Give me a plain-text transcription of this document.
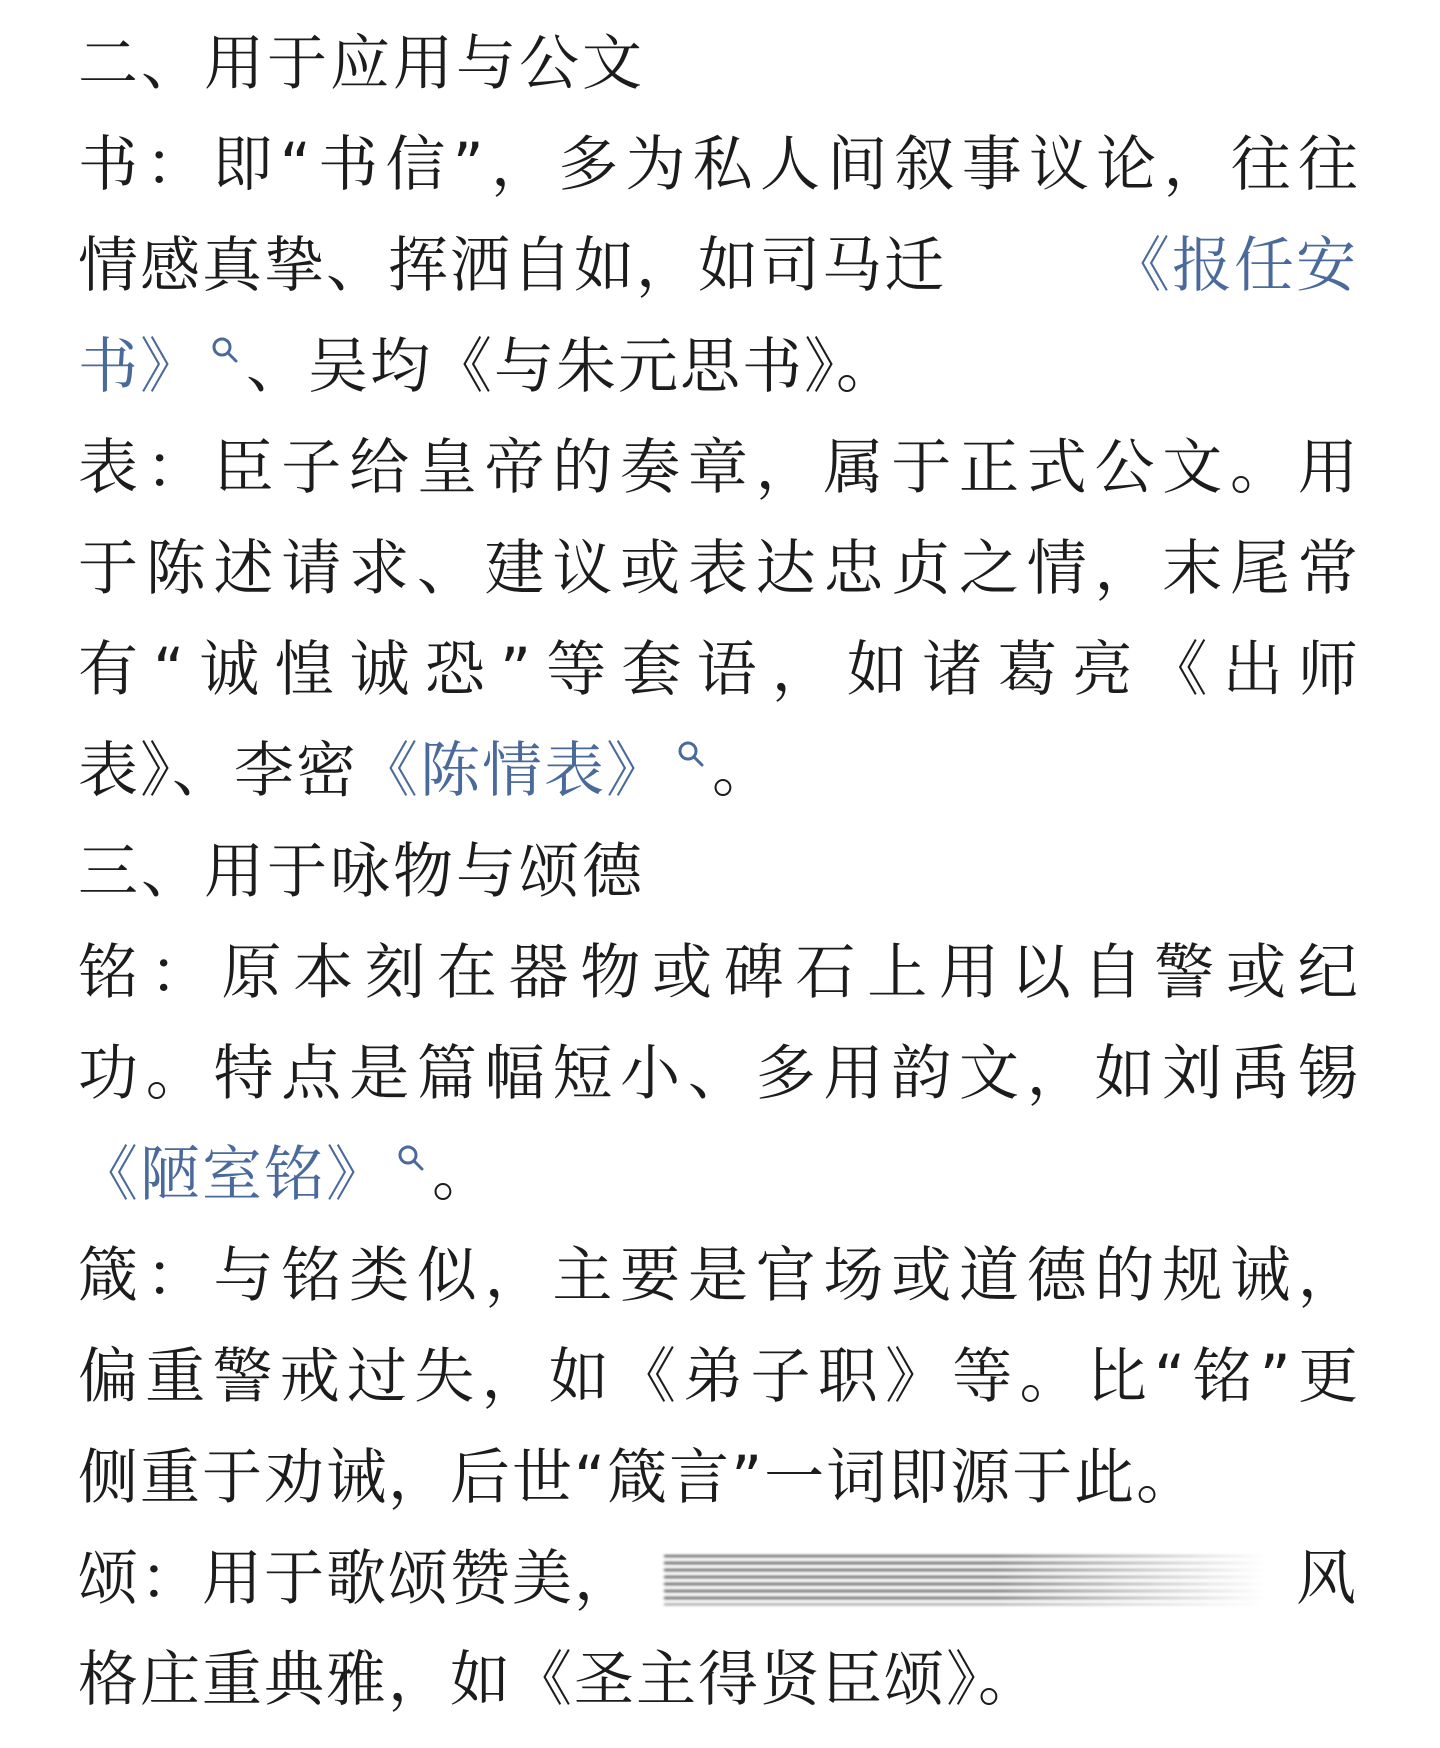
二、用于应用与公文
书 ： 即 “ 书 信 ” ， 多 为 私 人 间 叙 事 议 论 ， 往 往
情感真挚、挥洒自如，如司马迁	《报任安
书》 、吴均《与朱元思书》。
表 ： 臣 子 给 皇 帝 的 奏 章 ， 属 于 正 式 公 文 。 用
于 陈 述 请 求 、 建 议 或 表 达 忠 贞 之 情 ， 末 尾 常
有 “ 诚 惶 诚 恐 ” 等 套 语 ， 如 诸 葛 亮 《 出 师
表》、李密《陈情表》 。
三、用于咏物与颂德
铭 ： 原 本 刻 在 器 物 或 碑 石 上 用 以 自 警 或 纪
功 。 特 点 是 篇 幅 短 小 、 多 用 韵 文 ， 如 刘 禹 锡
《陋室铭》 。
箴 ： 与 铭 类 似 ， 主 要 是 官 场 或 道 德 的 规 诫 ，
偏 重 警 戒 过 失 ， 如 《 弟 子 职 》 等 。 比 “ 铭 ” 更
侧重于劝诫，后世“箴言”一词即源于此。
颂：用于歌颂赞美，	风
格庄重典雅，如《圣主得贤臣颂》。
